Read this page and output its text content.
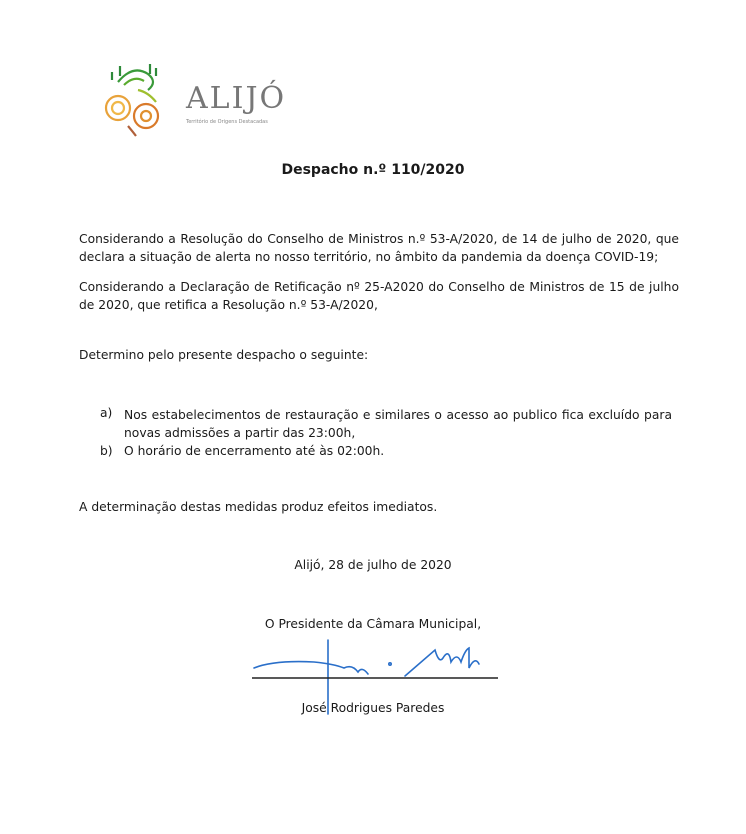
ALIJÓ
Território de Origens Destacadas
Despacho n.º 110/2020
Considerando a Resolução do Conselho de Ministros n.º 53-A/2020, de 14 de julho de 2020, que declara a situação de alerta no nosso território, no âmbito da pandemia da doença COVID-19;
Considerando a Declaração de Retificação nº 25-A2020 do Conselho de Ministros de 15 de julho de 2020, que retifica a Resolução n.º 53-A/2020,
Determino pelo presente despacho o seguinte:
a) Nos estabelecimentos de restauração e similares o acesso ao publico fica excluído para novas admissões a partir das 23:00h,
b) O horário de encerramento até às 02:00h.
A determinação destas medidas produz efeitos imediatos.
Alijó, 28 de julho de 2020
O Presidente da Câmara Municipal,
José Rodrigues Paredes
